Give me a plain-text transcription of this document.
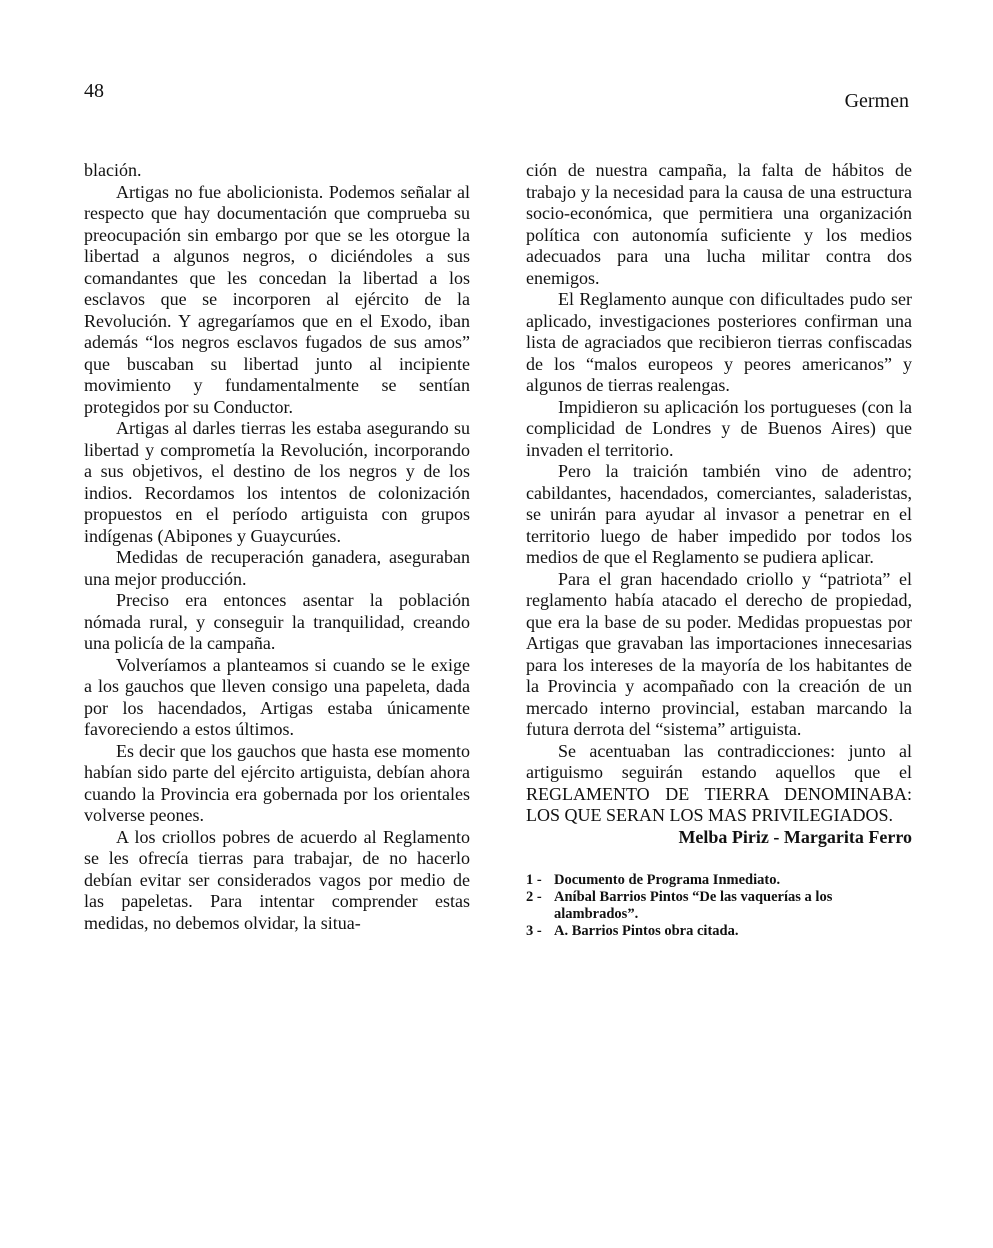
48	Germen

blación.

Artigas no fue abolicionista. Podemos señalar al respecto que hay documentación que comprueba su preocupación sin embargo por que se les otorgue la libertad a algunos negros, o diciéndoles a sus comandantes que les concedan la libertad a los esclavos que se incorporen al ejército de la Revolución. Y agregaríamos que en el Exodo, iban además “los negros esclavos fugados de sus amos” que buscaban su libertad junto al incipiente movimiento y fundamentalmente se sentían protegidos por su Conductor.

Artigas al darles tierras les estaba asegurando su libertad y comprometía la Revolución, incorporando a sus objetivos, el destino de los negros y de los indios. Recordamos los intentos de colonización propuestos en el período artiguista con grupos indígenas (Abipones y Guaycurúes.

Medidas de recuperación ganadera, aseguraban una mejor producción.

Preciso era entonces asentar la población nómada rural, y conseguir la tranquilidad, creando una policía de la campaña.

Volveríamos a planteamos si cuando se le exige a los gauchos que lleven consigo una papeleta, dada por los hacendados, Artigas estaba únicamente favoreciendo a estos últimos.

Es decir que los gauchos que hasta ese momento habían sido parte del ejército artiguista, debían ahora cuando la Provincia era gobernada por los orientales volverse peones.

A los criollos pobres de acuerdo al Reglamento se les ofrecía tierras para trabajar, de no hacerlo debían evitar ser considerados vagos por medio de las papeletas. Para intentar comprender estas medidas, no debemos olvidar, la situa-

ción de nuestra campaña, la falta de hábitos de trabajo y la necesidad para la causa de una estructura socio-económica, que permitiera una organización política con autonomía suficiente y los medios adecuados para una lucha militar contra dos enemigos.

El Reglamento aunque con dificultades pudo ser aplicado, investigaciones posteriores confirman una lista de agraciados que recibieron tierras confiscadas de los “malos europeos y peores americanos” y algunos de tierras realengas.

Impidieron su aplicación los portugueses (con la complicidad de Londres y de Buenos Aires) que invaden el territorio.

Pero la traición también vino de adentro; cabildantes, hacendados, comerciantes, saladeristas, se unirán para ayudar al invasor a penetrar en el territorio luego de haber impedido por todos los medios de que el Reglamento se pudiera aplicar.

Para el gran hacendado criollo y “patriota” el reglamento había atacado el derecho de propiedad, que era la base de su poder. Medidas propuestas por Artigas que gravaban las importaciones innecesarias para los intereses de la mayoría de los habitantes de la Provincia y acompañado con la creación de un mercado interno provincial, estaban marcando la futura derrota del “sistema” artiguista.

Se acentuaban las contradicciones: junto al artiguismo seguirán estando aquellos que el REGLAMENTO DE TIERRA DENOMINABA: LOS QUE SERAN LOS MAS PRIVILEGIADOS.

Melba Piriz - Margarita Ferro

1 - Documento de Programa Inmediato.
2 - Aníbal Barrios Pintos “De las vaquerías a los alambrados”.
3 - A. Barrios Pintos obra citada.
